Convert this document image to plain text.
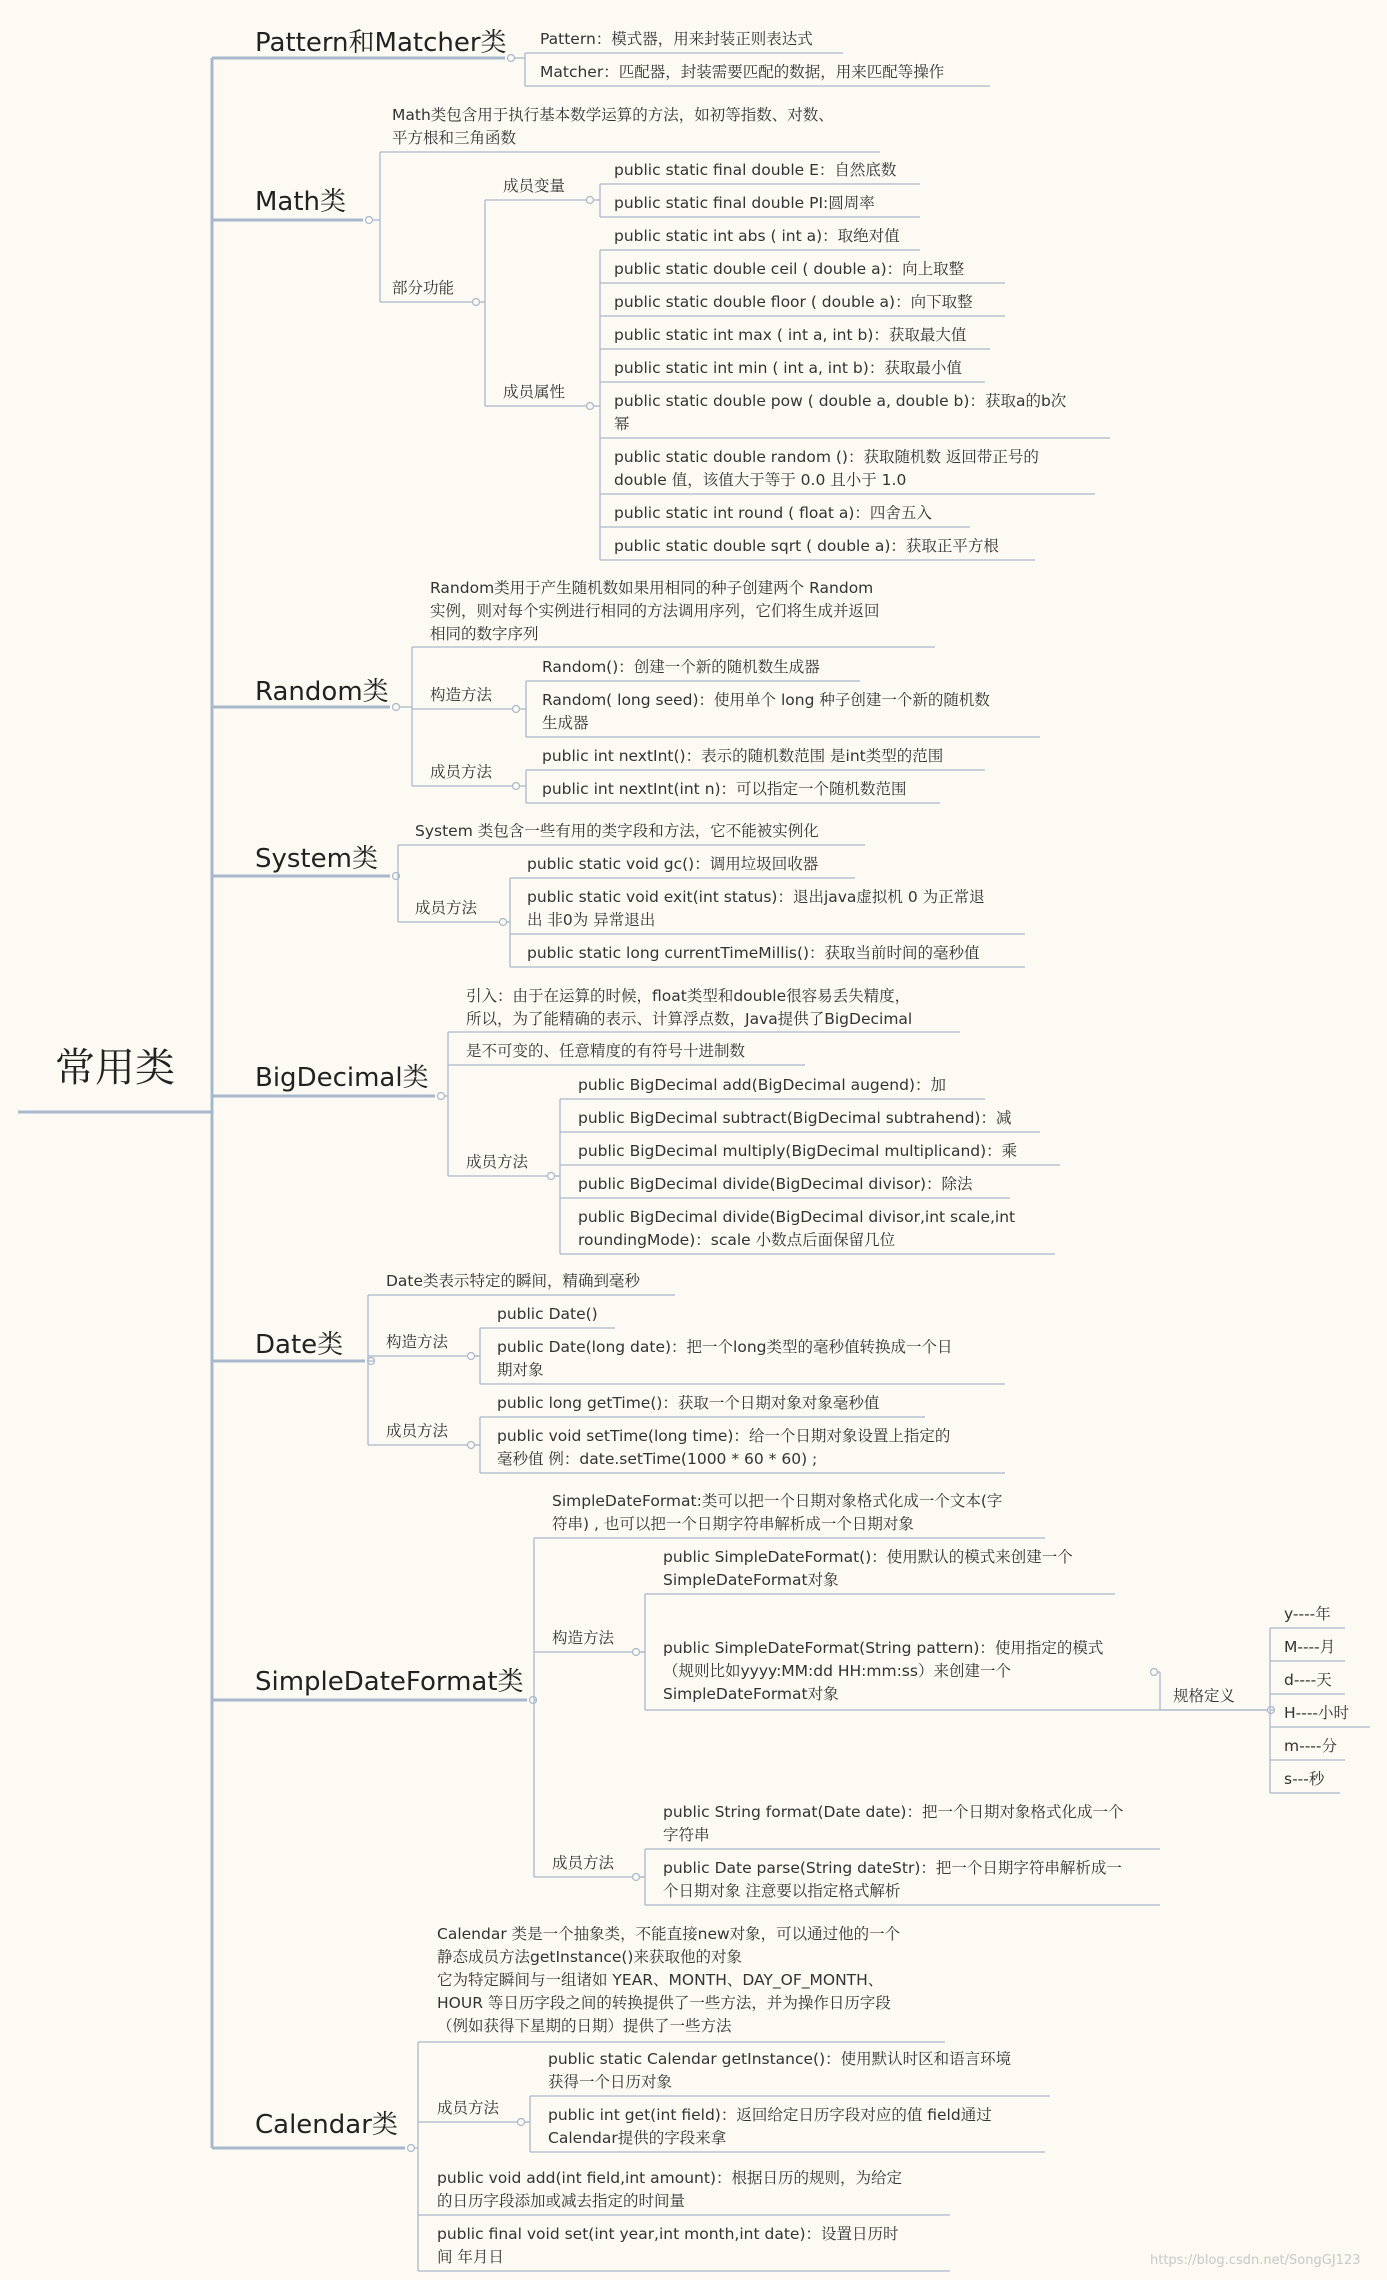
常用类
Pattern和Matcher类 Pattern：模式器，用来封装正则表达式
Matcher：匹配器，封装需要匹配的数据，用来匹配等操作
Math类包含用于执行基本数学运算的方法，如初等指数、对数、
平方根和三角函数
Math类
部分功能
成员变量
成员属性
public static final double E：自然底数
public static final double PI:圆周率
public static int abs ( int a)：取绝对值
public static double ceil ( double a)：向上取整
public static double floor ( double a)：向下取整
public static int max ( int a, int b)：获取最大值
public static int min ( int a, int b)：获取最小值
public static double pow ( double a, double b)：获取a的b次
幂
public static double random ()：获取随机数 返回带正号的
double 值，该值大于等于 0.0 且小于 1.0
public static int round ( float a)：四舍五入
public static double sqrt ( double a)：获取正平方根
Random类用于产生随机数如果用相同的种子创建两个 Random
实例，则对每个实例进行相同的方法调用序列，它们将生成并返回
相同的数字序列
Random类	构造方法
成员方法
Random()：创建一个新的随机数生成器
Random( long seed)：使用单个 long 种子创建一个新的随机数
生成器
public int nextInt()：表示的随机数范围 是int类型的范围
public int nextInt(int n)：可以指定一个随机数范围
System 类包含一些有用的类字段和方法，它不能被实例化
System类
成员方法
public static void gc()：调用垃圾回收器
public static void exit(int status)：退出java虚拟机 0 为正常退
出 非0为 异常退出
public static long currentTimeMillis()：获取当前时间的毫秒值
引入：由于在运算的时候，float类型和double很容易丢失精度，
所以，为了能精确的表示、计算浮点数，Java提供了BigDecimal
BigDecimal类
是不可变的、任意精度的有符号十进制数
成员方法
public BigDecimal add(BigDecimal augend)：加
public BigDecimal subtract(BigDecimal subtrahend)：减
public BigDecimal multiply(BigDecimal multiplicand)：乘
public BigDecimal divide(BigDecimal divisor)：除法
public BigDecimal divide(BigDecimal divisor,int scale,int
roundingMode)：scale 小数点后面保留几位
Date类表示特定的瞬间，精确到毫秒
Date类	构造方法
成员方法
public Date()
public Date(long date)：把一个long类型的毫秒值转换成一个日
期对象
public long getTime()：获取一个日期对象对象毫秒值
public void setTime(long time)：给一个日期对象设置上指定的
毫秒值 例：date.setTime(1000 * 60 * 60) ;
SimpleDateFormat:类可以把一个日期对象格式化成一个文本(字
符串) , 也可以把一个日期字符串解析成一个日期对象
SimpleDateFormat类
构造方法
成员方法
public SimpleDateFormat()：使用默认的模式来创建一个
SimpleDateFormat对象
public SimpleDateFormat(String pattern)：使用指定的模式
（规则比如yyyy:MM:dd HH:mm:ss）来创建一个
SimpleDateFormat对象	规格定义
y----年
M----月
d----天
H----小时
m----分
s---秒
public String format(Date date)：把一个日期对象格式化成一个
字符串
public Date parse(String dateStr)：把一个日期字符串解析成一
个日期对象 注意要以指定格式解析
Calendar 类是一个抽象类，不能直接new对象，可以通过他的一个
静态成员方法getInstance()来获取他的对象
它为特定瞬间与一组诸如 YEAR、MONTH、DAY_OF_MONTH、
HOUR 等日历字段之间的转换提供了一些方法，并为操作日历字段
（例如获得下星期的日期）提供了一些方法
Calendar类
成员方法
public static Calendar getInstance()：使用默认时区和语言环境
获得一个日历对象
public int get(int field)：返回给定日历字段对应的值 field通过
Calendar提供的字段来拿
public void add(int field,int amount)：根据日历的规则，为给定
的日历字段添加或减去指定的时间量
public final void set(int year,int month,int date)：设置日历时
间 年月日	https://blog.csdn.net/SongGJ123
